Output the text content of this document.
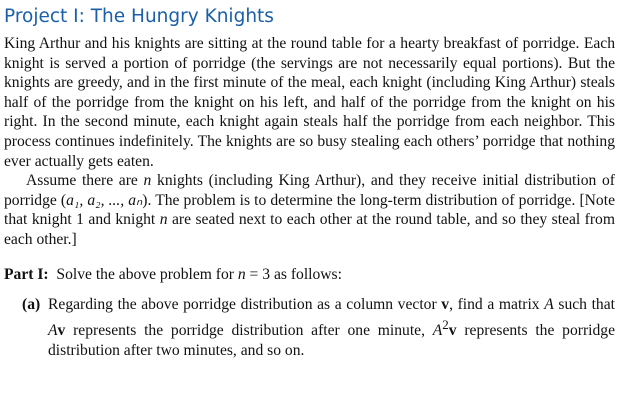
Project I: The Hungry Knights

King Arthur and his knights are sitting at the round table for a hearty breakfast of porridge. Each knight is served a portion of porridge (the servings are not necessarily equal portions). But the knights are greedy, and in the first minute of the meal, each knight (including King Arthur) steals half of the porridge from the knight on his left, and half of the porridge from the knight on his right. In the second minute, each knight again steals half the porridge from each neighbor. This process continues indefinitely. The knights are so busy stealing each others’ porridge that nothing ever actually gets eaten.

Assume there are n knights (including King Arthur), and they receive initial distribution of porridge (a₁, a₂, ..., aₙ). The problem is to determine the long-term distribution of porridge. [Note that knight 1 and knight n are seated next to each other at the round table, and so they steal from each other.]

Part I: Solve the above problem for n = 3 as follows:

(a) Regarding the above porridge distribution as a column vector v, find a matrix A such that Av represents the porridge distribution after one minute, $A^2v$ represents the porridge distribution after two minutes, and so on.
